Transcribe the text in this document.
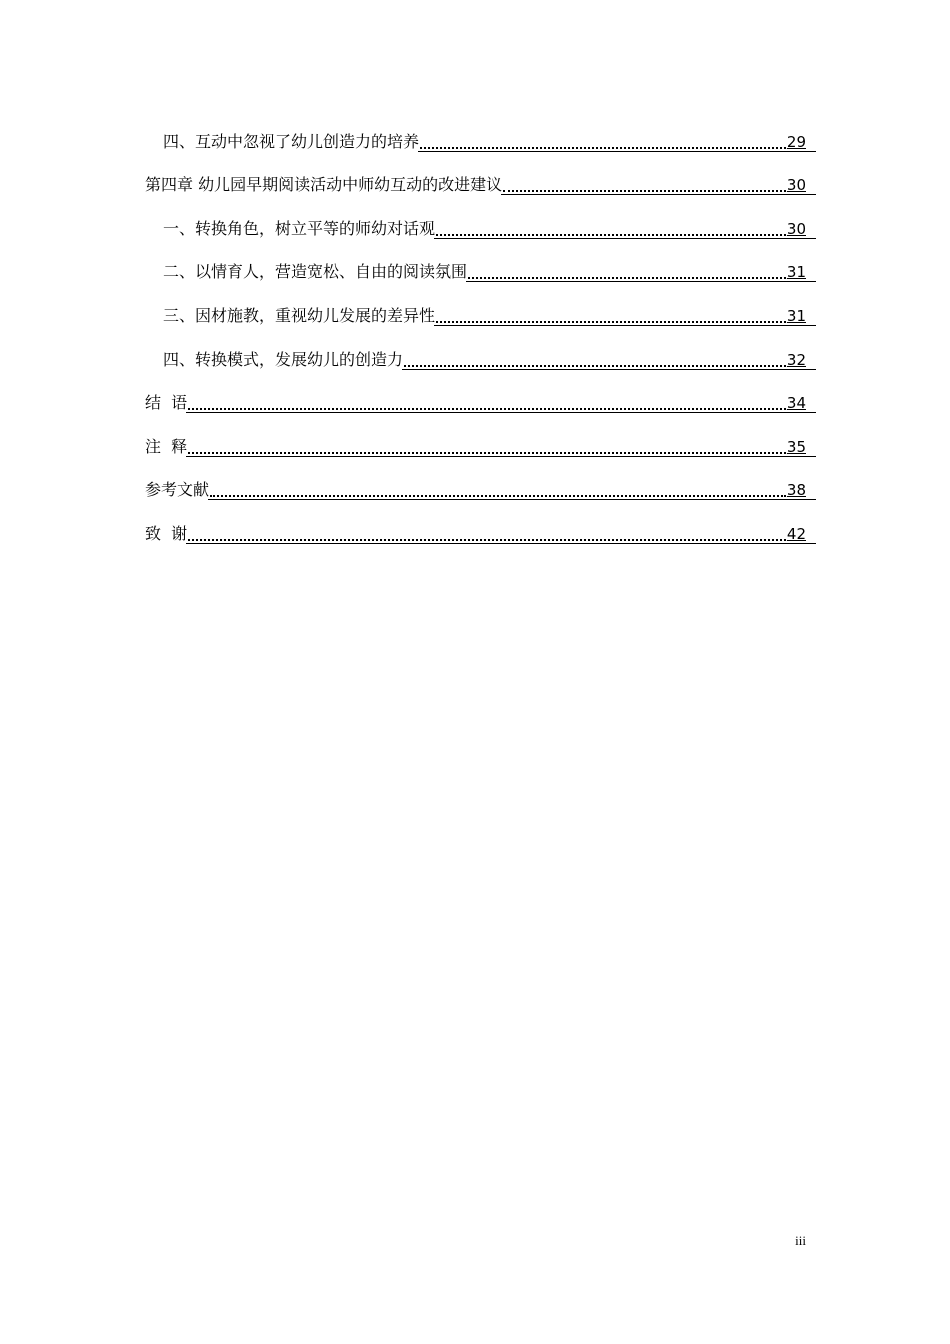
四、互动中忽视了幼儿创造力的培养	29
第四章 幼儿园早期阅读活动中师幼互动的改进建议	30
一、转换角色，树立平等的师幼对话观	30
二、以情育人，营造宽松、自由的阅读氛围	31
三、因材施教，重视幼儿发展的差异性	31
四、转换模式，发展幼儿的创造力	32
结  语	34
注  释	35
参考文献	38
致  谢	42
iii
